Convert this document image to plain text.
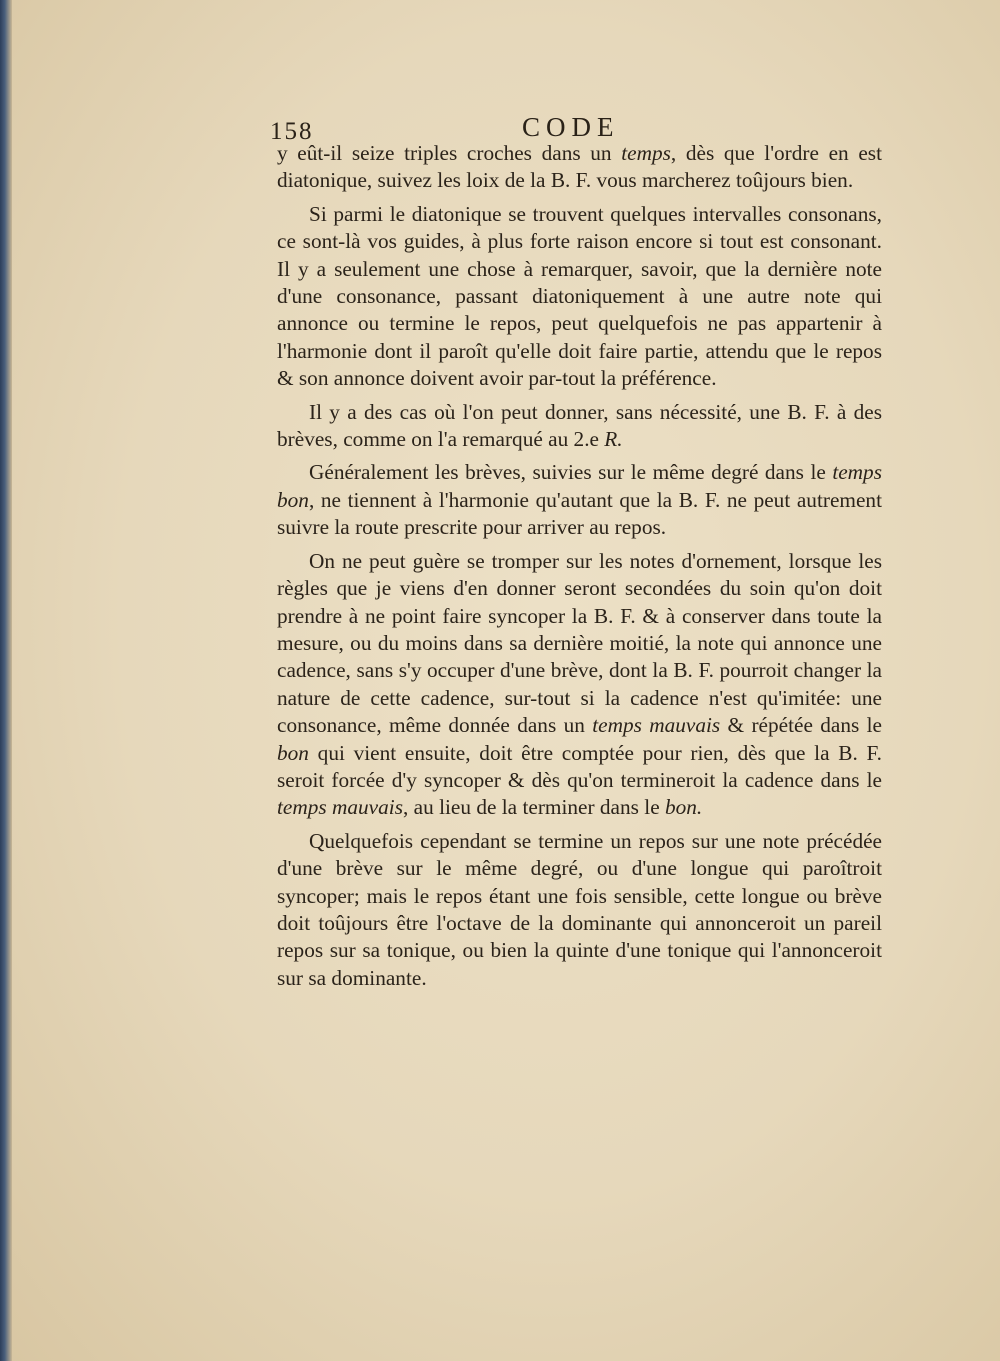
158	CODE

y eût-il seize triples croches dans un temps, dès que l'ordre en est diatonique, suivez les loix de la B. F. vous marcherez toûjours bien.

Si parmi le diatonique se trouvent quelques intervalles consonans, ce sont-là vos guides, à plus forte raison encore si tout est consonant. Il y a seulement une chose à remarquer, savoir, que la dernière note d'une consonance, passant diatoniquement à une autre note qui annonce ou termine le repos, peut quelquefois ne pas appartenir à l'harmonie dont il paroît qu'elle doit faire partie, attendu que le repos & son annonce doivent avoir par-tout la préférence.

Il y a des cas où l'on peut donner, sans nécessité, une B. F. à des brèves, comme on l'a remarqué au 2.e R.

Généralement les brèves, suivies sur le même degré dans le temps bon, ne tiennent à l'harmonie qu'autant que la B. F. ne peut autrement suivre la route prescrite pour arriver au repos.

On ne peut guère se tromper sur les notes d'ornement, lorsque les règles que je viens d'en donner seront secondées du soin qu'on doit prendre à ne point faire syncoper la B. F. & à conserver dans toute la mesure, ou du moins dans sa dernière moitié, la note qui annonce une cadence, sans s'y occuper d'une brève, dont la B. F. pourroit changer la nature de cette cadence, sur-tout si la cadence n'est qu'imitée: une consonance, même donnée dans un temps mauvais & répétée dans le bon qui vient ensuite, doit être comptée pour rien, dès que la B. F. seroit forcée d'y syncoper & dès qu'on termineroit la cadence dans le temps mauvais, au lieu de la terminer dans le bon.

Quelquefois cependant se termine un repos sur une note précédée d'une brève sur le même degré, ou d'une longue qui paroîtroit syncoper; mais le repos étant une fois sensible, cette longue ou brève doit toûjours être l'octave de la dominante qui annonceroit un pareil repos sur sa tonique, ou bien la quinte d'une tonique qui l'annonceroit sur sa dominante.
